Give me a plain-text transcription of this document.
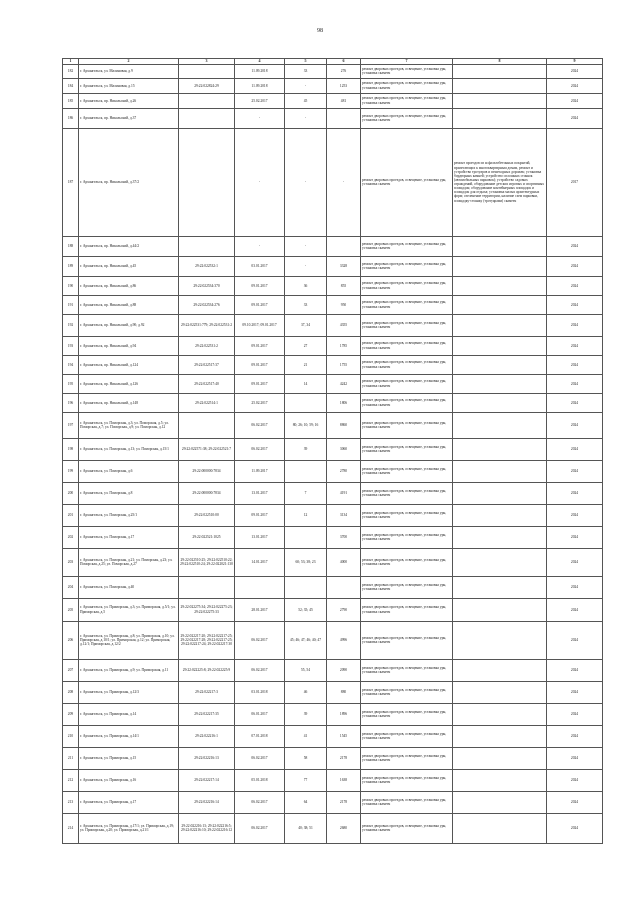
98
1	2	3	4	5	6	7	8	9
182	г. Архангельск, ул. Малиновая, д.9		11.09.2018	33	276	ремонт дворовых проездов, освещение, установка урн, установка скамеек		2024
184	г. Архангельск, ул. Малиновая, д.15	29:22:022824:29	11.09.2018	-	1253	ремонт дворовых проездов, освещение, установка урн, установка скамеек		2024
185	г. Архангельск, пр. Никольский, д.26		25.02.2017	45	481	ремонт дворовых проездов, освещение, установка урн, установка скамеек		2024
186	г. Архангельск, пр. Никольский, д.37		-	-		ремонт дворовых проездов, освещение, установка урн, установка скамеек		2024
187	г. Архангельск, пр. Никольский, д.37/2		-	-	-	ремонт дворовых проездов, освещение, установка урн, установка скамеек	ремонт проездов из асфальтобетонных покрытий, прилегающих к многоквартирным домам, ремонт и устройство тротуаров и пешеходных дорожек; установка бордюрных камней; устройство сплошных стоянок (автомобильных парковок); устройство садовых ограждений, оборудование детских игровых и спортивных площадок; оборудование контейнерных площадок и площадок для отдыха; установка малых архитектурных форм; озеленение территории, наличие схем парковки, площадку-стоянку (тротуарами) скамеек	2017
188	г. Архангельск, пр. Никольский, д.44/2		-	-		ремонт дворовых проездов, освещение, установка урн, установка скамеек		2024
189	г. Архангельск, пр. Никольский, д.45	29:22:022532:1	03.01.2017	-	3328	ремонт дворовых проездов, освещение, установка урн, установка скамеек		2024
190	г. Архангельск, пр. Никольский, д.86	29:22:022534:370	09.01.2017	36	855	ремонт дворовых проездов, освещение, установка урн, установка скамеек		2024
191	г. Архангельск, пр. Никольский, д.88	29:22:022534:276	09.01.2017	33	950	ремонт дворовых проездов, освещение, установка урн, установка скамеек		2024
192	г. Архангельск, пр. Никольский, д.90; д.92	29:22:022531:779; 29:22:022531:2	09.10.2017; 09.01.2017	37, 34	4355	ремонт дворовых проездов, освещение, установка урн, установка скамеек		2024
193	г. Архангельск, пр. Никольский, д.94	29:22:022531:2	09.01.2017	27	1785	ремонт дворовых проездов, освещение, установка урн, установка скамеек		2024
194	г. Архангельск, пр. Никольский, д.124	29:22:022517:37	09.01.2017	21	1755	ремонт дворовых проездов, освещение, установка урн, установка скамеек		2024
195	г. Архангельск, пр. Никольский, д.126	29:22:022517:40	09.01.2017	14	4242	ремонт дворовых проездов, освещение, установка урн, установка скамеек		2024
196	г. Архангельск, пр. Никольский, д.148	29:22:022514:1	25.02.2017		1806	ремонт дворовых проездов, освещение, установка урн, установка скамеек		2024
197	г. Архангельск, ул. Поморская, д.3; ул. Поморская, д.5; ул. Поморская, д.7; ул. Поморская, д.9; ул. Поморская, д.12		06.02.2017	80; 26; 10; 59; 16	8860	ремонт дворовых проездов, освещение, установка урн, установка скамеек		2024
198	г. Архангельск, ул. Поморская, д.13; ул. Поморская, д.15/1	29:22:022571:38; 29:22:022521:7	06.02.2017	39	3060	ремонт дворовых проездов, освещение, установка урн, установка скамеек		2024
199	г. Архангельск, ул. Поморская, д.6	29:22:000000:7834	11.09.2017		2780	ремонт дворовых проездов, освещение, установка урн, установка скамеек		2024
200	г. Архангельск, ул. Поморская, д.8	29:22:000000:7834	13.01.2017	7	4191	ремонт дворовых проездов, освещение, установка урн, установка скамеек		2024
201	г. Архангельск, ул. Поморская, д.25/1	29:22:022510:00	09.01.2017	12	3134	ремонт дворовых проездов, освещение, установка урн, установка скамеек		2024
202	г. Архангельск, ул. Поморская, д.17	29:22:022521:1025	13.01.2017		3700	ремонт дворовых проездов, освещение, установка урн, установка скамеек		2024
203	г. Архангельск, ул. Поморская, д.21; ул. Поморская, д.23; ул. Поморская, д.25; ул. Поморская, д.27	29:22:022510:25; 29:22:022510:22; 29:22:022510:24; 29:22:022021:130	14.01.2017	60; 53; 38; 23	4000	ремонт дворовых проездов, освещение, установка урн, установка скамеек		2024
204	г. Архангельск, ул. Поморская, д.40					ремонт дворовых проездов, освещение, установка урн, установка скамеек		2024
205	г. Архангельск, ул. Приморская, д.3; ул. Приморская, д.5/1; ул. Приморская, д.5	29:22:022275:34; 29:22:022275:23; 29:22:022275:33	28.01.2017	52; 35; 45	2790	ремонт дворовых проездов, освещение, установка урн, установка скамеек		2024
206	г. Архангельск, ул. Приморская, д.8; ул. Приморская, д.10; ул. Приморская, д.10/1; ул. Приморская, д.12; ул. Приморская, д.12/1; Приморская, д.12/2	29:22:022217:20; 29:22:022217:25; 29:22:022217:28; 29:22:022217:25; 29:22:022217:24; 29:22:022217:30	06.02.2017	45; 46; 47; 46; 40; 47	4996	ремонт дворовых проездов, освещение, установка урн, установка скамеек		2024
207	г. Архангельск, ул. Приморская, д.9; ул. Приморская, д.11	29:22:022225:8; 29:22:022225:9	06.02.2017	55, 54	2090	ремонт дворовых проездов, освещение, установка урн, установка скамеек		2024
208	г. Архангельск, ул. Приморская, д.12/3	29:22:022217:3	03.01.2018	46	880	ремонт дворовых проездов, освещение, установка урн, установка скамеек		2024
209	г. Архангельск, ул. Приморская, д.14	29:22:022217:35	06.01.2017	39	1896	ремонт дворовых проездов, освещение, установка урн, установка скамеек		2024
210	г. Архангельск, ул. Приморская, д.14/1	29:22:022216:1	07.01.2018	41	1545	ремонт дворовых проездов, освещение, установка урн, установка скамеек		2024
211	г. Архангельск, ул. Приморская, д.15	29:22:022216:13	06.02.2017	58	2178	ремонт дворовых проездов, освещение, установка урн, установка скамеек		2024
212	г. Архангельск, ул. Приморская, д.16	29:22:022217:14	05.01.2018	77	1638	ремонт дворовых проездов, освещение, установка урн, установка скамеек		2024
213	г. Архангельск, ул. Приморская, д.17	29:22:022216:14	06.02.2017	64	2178	ремонт дворовых проездов, освещение, установка урн, установка скамеек		2024
214	г. Архангельск, ул. Приморская, д.17/1; ул. Приморская, д.19; ул. Приморская, д.20; ул. Приморская, д.21/1	29:22:022216:13; 29:22:022216:5; 29:22:022216:10; 29:22:022216:12	06.02.2017	40; 38; 51	2680	ремонт дворовых проездов, освещение, установка урн, установка скамеек		2024
